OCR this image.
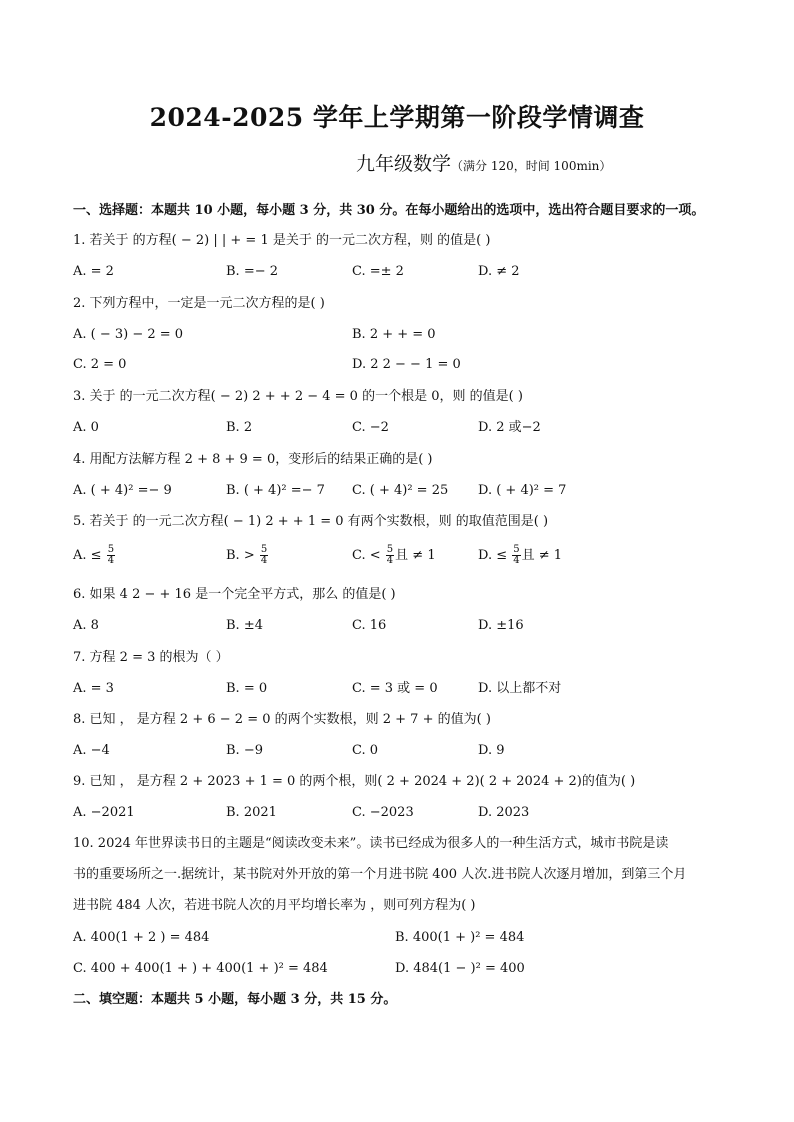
2024-2025 学年上学期第一阶段学情调查
九年级数学（满分 120，时间 100min）
一、选择题：本题共 10 小题，每小题 3 分，共 30 分。在每小题给出的选项中，选出符合题目要求的一项。
1. 若关于 的方程( − 2) | | + = 1 是关于 的一元二次方程，则 的值是( )
A. = 2	B. =− 2	C. =± 2	D. ≠ 2
2. 下列方程中，一定是一元二次方程的是( )
A. ( − 3) − 2 = 0	B. 2 + + = 0
C. 2 = 0	D. 2 2 − − 1 = 0
3. 关于 的一元二次方程( − 2) 2 + + 2 − 4 = 0 的一个根是 0，则 的值是( )
A. 0	B. 2	C. −2	D. 2 或−2
4. 用配方法解方程 2 + 8 + 9 = 0，变形后的结果正确的是( )
A. ( + 4)² =− 9	B. ( + 4)² =− 7 C. ( + 4)² = 25 D. ( + 4)² = 7
5. 若关于 的一元二次方程( − 1) 2 + + 1 = 0 有两个实数根，则 的取值范围是( )
A. ≤ $\frac{5}{4}$	B. > $\frac{5}{4}$	C. < $\frac{5}{4}$ 且 ≠ 1	D. ≤ $\frac{5}{4}$ 且 ≠ 1
6. 如果 4 2 − + 16 是一个完全平方式，那么 的值是( )
A. 8	B. ±4	C. 16	D. ±16
7. 方程 2 = 3 的根为（ ）
A. = 3	B. = 0	C. = 3 或 = 0	D. 以上都不对
8. 已知 ， 是方程 2 + 6 − 2 = 0 的两个实数根，则 2 + 7 + 的值为( )
A. −4	B. −9	C. 0	D. 9
9. 已知 ， 是方程 2 + 2023 + 1 = 0 的两个根，则( 2 + 2024 + 2)( 2 + 2024 + 2)的值为( )
A. −2021	B. 2021	C. −2023	D. 2023
10. 2024 年世界读书日的主题是“阅读改变未来”。读书已经成为很多人的一种生活方式，城市书院是读
书的重要场所之一.据统计，某书院对外开放的第一个月进书院 400 人次.进书院人次逐月增加，到第三个月
进书院 484 人次，若进书院人次的月平均增长率为 ，则可列方程为( )
A. 400(1 + 2 ) = 484	B. 400(1 + )² = 484
C. 400 + 400(1 + ) + 400(1 + )² = 484	D. 484(1 − )² = 400
二、填空题：本题共 5 小题，每小题 3 分，共 15 分。
